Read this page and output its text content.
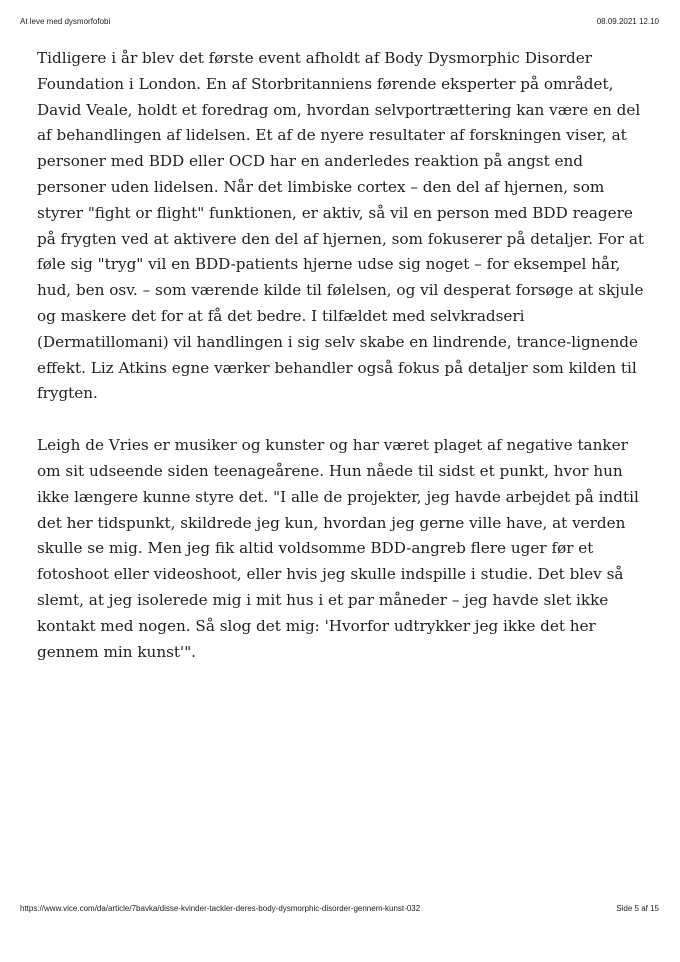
At leve med dysmorfofobi	08.09.2021 12.10

Tidligere i år blev det første event afholdt af Body Dysmorphic Disorder Foundation i London. En af Storbritanniens førende eksperter på området, David Veale, holdt et foredrag om, hvordan selvportrættering kan være en del af behandlingen af lidelsen. Et af de nyere resultater af forskningen viser, at personer med BDD eller OCD har en anderledes reaktion på angst end personer uden lidelsen. Når det limbiske cortex – den del af hjernen, som styrer "fight or flight" funktionen, er aktiv, så vil en person med BDD reagere på frygten ved at aktivere den del af hjernen, som fokuserer på detaljer. For at føle sig "tryg" vil en BDD-patients hjerne udse sig noget – for eksempel hår, hud, ben osv. – som værende kilde til følelsen, og vil desperat forsøge at skjule og maskere det for at få det bedre. I tilfældet med selvkradseri (Dermatillomani) vil handlingen i sig selv skabe en lindrende, trance-lignende effekt. Liz Atkins egne værker behandler også fokus på detaljer som kilden til frygten.

Leigh de Vries er musiker og kunster og har været plaget af negative tanker om sit udseende siden teenageårene. Hun nåede til sidst et punkt, hvor hun ikke længere kunne styre det. "I alle de projekter, jeg havde arbejdet på indtil det her tidspunkt, skildrede jeg kun, hvordan jeg gerne ville have, at verden skulle se mig. Men jeg fik altid voldsomme BDD-angreb flere uger før et fotoshoot eller videoshoot, eller hvis jeg skulle indspille i studie. Det blev så slemt, at jeg isolerede mig i mit hus i et par måneder – jeg havde slet ikke kontakt med nogen. Så slog det mig: 'Hvorfor udtrykker jeg ikke det her gennem min kunst'".

https://www.vice.com/da/article/7bavka/disse-kvinder-tackler-deres-body-dysmorphic-disorder-gennem-kunst-032	Side 5 af 15
